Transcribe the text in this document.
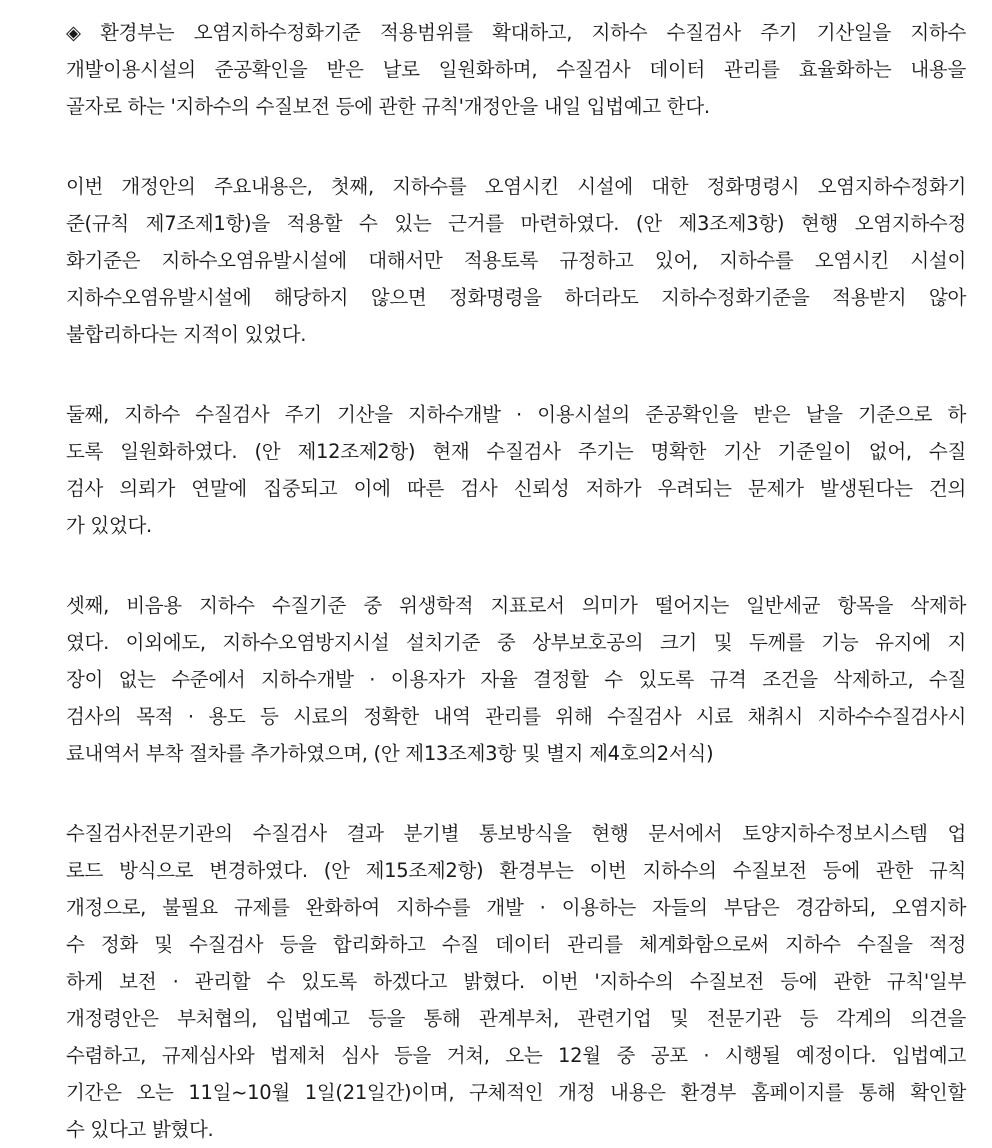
◈ 환경부는 오염지하수정화기준 적용범위를 확대하고, 지하수 수질검사 주기 기산일을 지하수
개발이용시설의 준공확인을 받은 날로 일원화하며, 수질검사 데이터 관리를 효율화하는 내용을
골자로 하는 '지하수의 수질보전 등에 관한 규칙'개정안을 내일 입법예고 한다.
이번 개정안의 주요내용은, 첫째, 지하수를 오염시킨 시설에 대한 정화명령시 오염지하수정화기
준(규칙 제7조제1항)을 적용할 수 있는 근거를 마련하였다. (안 제3조제3항) 현행 오염지하수정
화기준은 지하수오염유발시설에 대해서만 적용토록 규정하고 있어, 지하수를 오염시킨 시설이
지하수오염유발시설에 해당하지 않으면 정화명령을 하더라도 지하수정화기준을 적용받지 않아
불합리하다는 지적이 있었다.
둘째, 지하수 수질검사 주기 기산을 지하수개발 · 이용시설의 준공확인을 받은 날을 기준으로 하
도록 일원화하였다. (안 제12조제2항) 현재 수질검사 주기는 명확한 기산 기준일이 없어, 수질
검사 의뢰가 연말에 집중되고 이에 따른 검사 신뢰성 저하가 우려되는 문제가 발생된다는 건의
가 있었다.
셋째, 비음용 지하수 수질기준 중 위생학적 지표로서 의미가 떨어지는 일반세균 항목을 삭제하
였다. 이외에도, 지하수오염방지시설 설치기준 중 상부보호공의 크기 및 두께를 기능 유지에 지
장이 없는 수준에서 지하수개발 · 이용자가 자율 결정할 수 있도록 규격 조건을 삭제하고, 수질
검사의 목적 · 용도 등 시료의 정확한 내역 관리를 위해 수질검사 시료 채취시 지하수수질검사시
료내역서 부착 절차를 추가하였으며, (안 제13조제3항 및 별지 제4호의2서식)
수질검사전문기관의 수질검사 결과 분기별 통보방식을 현행 문서에서 토양지하수정보시스템 업
로드 방식으로 변경하였다. (안 제15조제2항) 환경부는 이번 지하수의 수질보전 등에 관한 규칙
개정으로, 불필요 규제를 완화하여 지하수를 개발 · 이용하는 자들의 부담은 경감하되, 오염지하
수 정화 및 수질검사 등을 합리화하고 수질 데이터 관리를 체계화함으로써 지하수 수질을 적정
하게 보전 · 관리할 수 있도록 하겠다고 밝혔다. 이번 '지하수의 수질보전 등에 관한 규칙'일부
개정령안은 부처협의, 입법예고 등을 통해 관계부처, 관련기업 및 전문기관 등 각계의 의견을
수렴하고, 규제심사와 법제처 심사 등을 거쳐, 오는 12월 중 공포 · 시행될 예정이다. 입법예고
기간은 오는 11일~10월 1일(21일간)이며, 구체적인 개정 내용은 환경부 홈페이지를 통해 확인할
수 있다고 밝혔다.
